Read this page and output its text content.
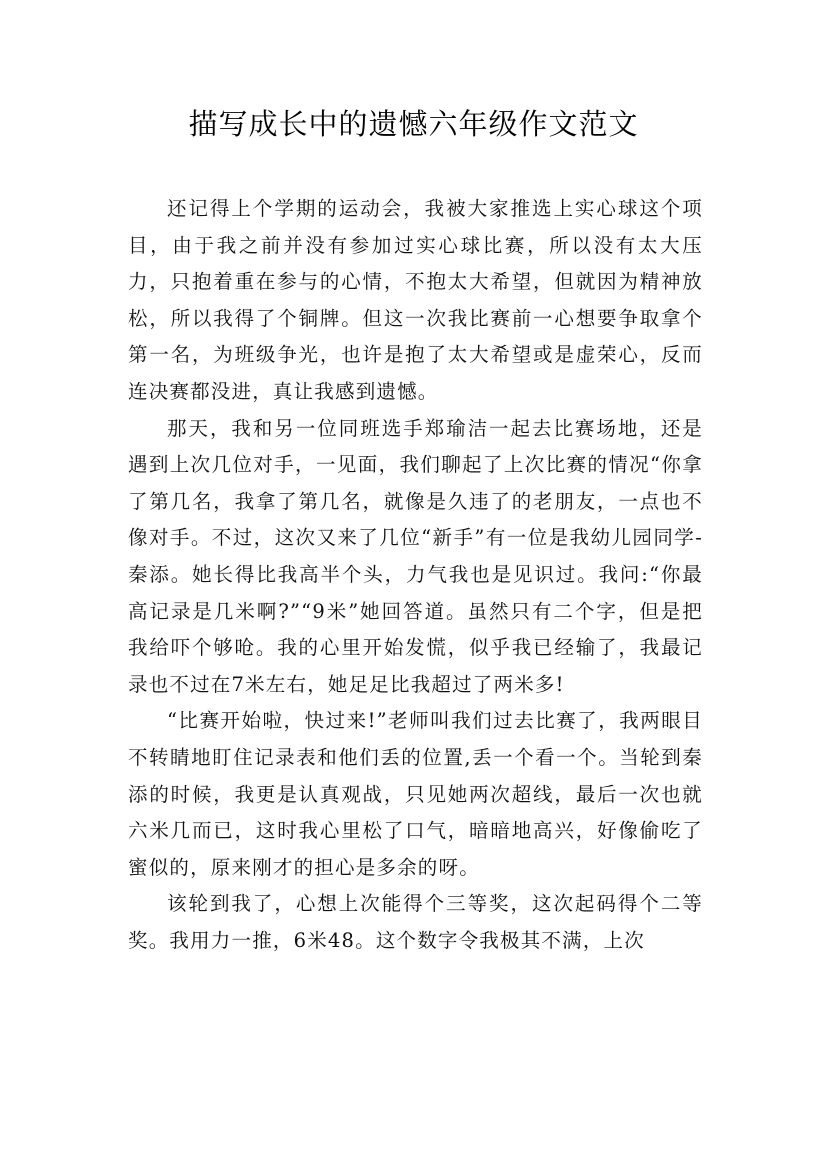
描写成长中的遗憾六年级作文范文

还记得上个学期的运动会，我被大家推选上实心球这个项目，由于我之前并没有参加过实心球比赛，所以没有太大压力，只抱着重在参与的心情，不抱太大希望，但就因为精神放松，所以我得了个铜牌。但这一次我比赛前一心想要争取拿个第一名，为班级争光，也许是抱了太大希望或是虚荣心，反而连决赛都没进，真让我感到遗憾。

那天，我和另一位同班选手郑瑜洁一起去比赛场地，还是遇到上次几位对手，一见面，我们聊起了上次比赛的情况“你拿了第几名，我拿了第几名，就像是久违了的老朋友，一点也不像对手。不过，这次又来了几位“新手”有一位是我幼儿园同学-秦添。她长得比我高半个头，力气我也是见识过。我问:“你最高记录是几米啊?”“9米”她回答道。虽然只有二个字，但是把我给吓个够呛。我的心里开始发慌，似乎我已经输了，我最记录也不过在7米左右，她足足比我超过了两米多!

“比赛开始啦，快过来!”老师叫我们过去比赛了，我两眼目不转睛地盯住记录表和他们丢的位置,丢一个看一个。当轮到秦添的时候，我更是认真观战，只见她两次超线，最后一次也就六米几而已，这时我心里松了口气，暗暗地高兴，好像偷吃了蜜似的，原来刚才的担心是多余的呀。

该轮到我了，心想上次能得个三等奖，这次起码得个二等奖。我用力一推，6米48。这个数字令我极其不满，上次
